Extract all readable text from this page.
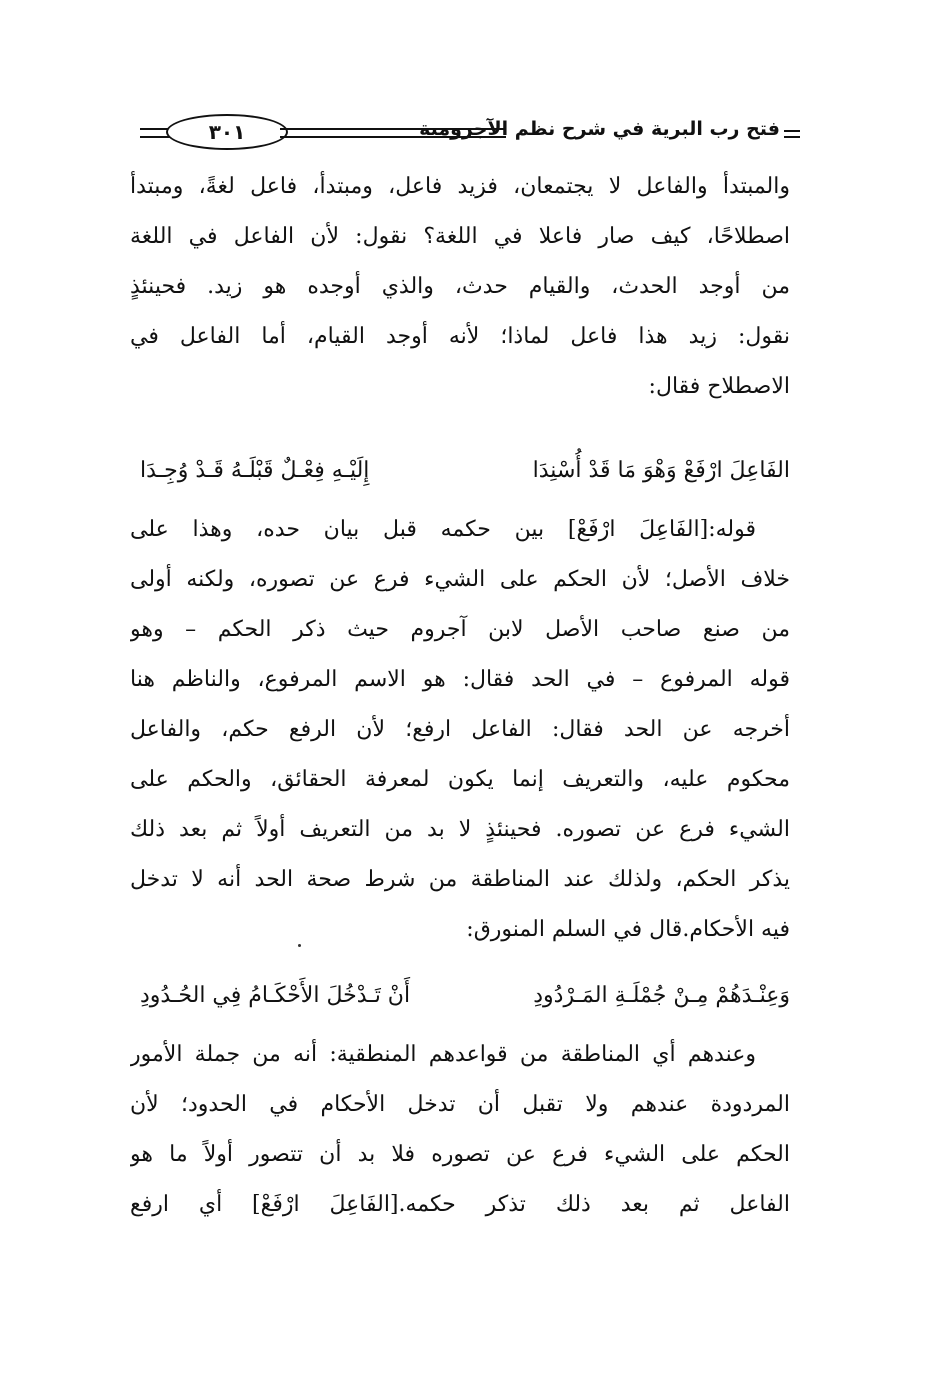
٣٠١	فتح رب البرية في شرح نظم الآجرومية
والمبتدأ والفاعل لا يجتمعان، فزيد فاعل، ومبتدأ، فاعل لغةً، ومبتدأ
اصطلاحًا، كيف صار فاعلا في اللغة؟ نقول: لأن الفاعل في اللغة
من أوجد الحدث، والقيام حدث، والذي أوجده هو زيد. فحينئذٍ
نقول: زيد هذا فاعل لماذا؛ لأنه أوجد القيام، أما الفاعل في
الاصطلاح فقال:
الفَاعِلَ ارْفَعْ وَهْوَ مَا قَدْ أُسْنِدَا
إِلَيْـهِ فِعْـلٌ قَبْلَـهُ قَـدْ وُجِـدَا
قوله:[الفَاعِلَ ارْفَعْ] بين حكمه قبل بيان حده، وهذا على
خلاف الأصل؛ لأن الحكم على الشيء فرع عن تصوره، ولكنه أولى
من صنع صاحب الأصل لابن آجروم حيث ذكر الحكم – وهو
قوله المرفوع – في الحد فقال: هو الاسم المرفوع، والناظم هنا
أخرجه عن الحد فقال: الفاعل ارفع؛ لأن الرفع حكم، والفاعل
محكوم عليه، والتعريف إنما يكون لمعرفة الحقائق، والحكم على
الشيء فرع عن تصوره. فحينئذٍ لا بد من التعريف أولاً ثم بعد ذلك
يذكر الحكم، ولذلك عند المناطقة من شرط صحة الحد أنه لا تدخل
فيه الأحكام.قال في السلم المنورق:
وَعِنْـدَهُمْ مِـنْ جُمْلَـةِ المَـرْدُودِ
أَنْ تَـدْخُلَ الأَحْكَـامُ فِي الحُـدُودِ
وعندهم أي المناطقة من قواعدهم المنطقية: أنه من جملة الأمور
المردودة عندهم ولا تقبل أن تدخل الأحكام في الحدود؛ لأن
الحكم على الشيء فرع عن تصوره فلا بد أن تتصور أولاً ما هو
الفاعل ثم بعد ذلك تذكر حكمه.[الفَاعِلَ ارْفَعْ] أي ارفع
